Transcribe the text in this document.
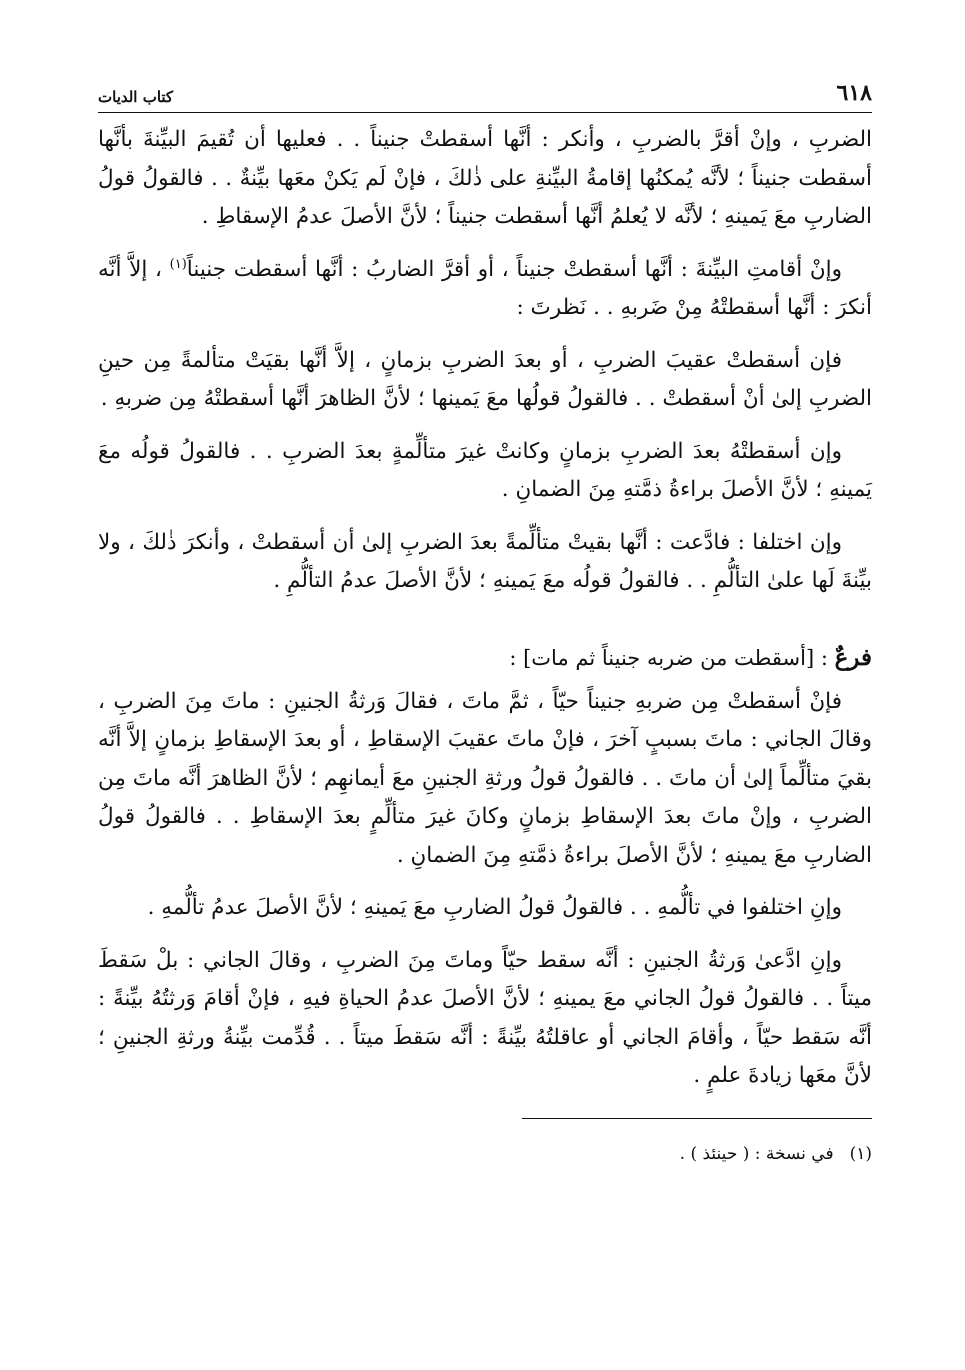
٦١٨
كتاب الديات

الضربِ ، وإنْ أقرَّ بالضربِ ، وأنكر : أنَّها أسقطتْ جنيناً . . فعليها أن تُقيمَ البيِّنةَ بأنَّها أسقطت جنيناً ؛ لأنَّه يُمكنُها إقامةُ البيِّنةِ على ذٰلكَ ، فإنْ لَم يَكنْ معَها بيِّنةٌ . . فالقولُ قولُ الضاربِ معَ يَمينهِ ؛ لأنَّه لا يُعلمُ أنَّها أسقطت جنيناً ؛ لأنَّ الأصلَ عدمُ الإسقاطِ .

وإنْ أقامتِ البيِّنةَ : أنَّها أسقطتْ جنيناً ، أو أقرَّ الضاربُ : أنَّها أسقطت جنيناً$^{(١)}$ ، إلاَّ أنَّه أنكرَ : أنَّها أسقطتْهُ مِنْ ضَربهِ . . نَظرتَ :

فإن أسقطتْ عقيبَ الضربِ ، أو بعدَ الضربِ بزمانٍ ، إلاَّ أنَّها بقيَتْ متألمةً مِن حينِ الضربِ إلىٰ أنْ أسقطتْ . . فالقولُ قولُها معَ يَمينها ؛ لأنَّ الظاهرَ أنَّها أسقطتْهُ مِن ضربهِ .

وإن أسقطتْهُ بعدَ الضربِ بزمانٍ وكانتْ غيرَ متألِّمةٍ بعدَ الضربِ . . فالقولُ قولُه معَ يَمينهِ ؛ لأنَّ الأصلَ براءةُ ذمَّتهِ مِنَ الضمانِ .

وإن اختلفا : فادَّعت : أنَّها بقيتْ متألِّمةً بعدَ الضربِ إلىٰ أن أسقطتْ ، وأنكرَ ذٰلكَ ، ولا بيِّنةَ لَها علىٰ التألُّمِ . . فالقولُ قولُه معَ يَمينهِ ؛ لأنَّ الأصلَ عدمُ التألُّمِ .

فرعٌ : [أسقطت من ضربه جنيناً ثم مات] :

فإنْ أسقطتْ مِن ضربهِ جنيناً حيّاً ، ثمَّ ماتَ ، فقالَ وَرثةُ الجنينِ : ماتَ مِنَ الضربِ ، وقالَ الجاني : ماتَ بسببٍ آخرَ ، فإنْ ماتَ عقيبَ الإسقاطِ ، أو بعدَ الإسقاطِ بزمانٍ إلاَّ أنَّه بقيَ متألِّماً إلىٰ أن ماتَ . . فالقولُ قولُ ورثةِ الجنينِ معَ أيمانهِم ؛ لأنَّ الظاهرَ أنَّه ماتَ مِن الضربِ ، وإنْ ماتَ بعدَ الإسقاطِ بزمانٍ وكانَ غيرَ متألِّمٍ بعدَ الإسقاطِ . . فالقولُ قولُ الضاربِ معَ يمينهِ ؛ لأنَّ الأصلَ براءةُ ذمَّتهِ مِنَ الضمانِ .

وإنِ اختلفوا في تألُّمهِ . . فالقولُ قولُ الضاربِ معَ يَمينهِ ؛ لأنَّ الأصلَ عدمُ تألُّمهِ .

وإنِ ادَّعىٰ وَرثةُ الجنينِ : أنَّه سقط حيّاً وماتَ مِنَ الضربِ ، وقالَ الجاني : بلْ سَقطَ ميتاً . . فالقولُ قولُ الجاني معَ يمينهِ ؛ لأنَّ الأصلَ عدمُ الحياةِ فيهِ ، فإنْ أقامَ وَرثتُهُ بيِّنةً : أنَّه سَقط حيّاً ، وأقامَ الجاني أو عاقلتُهُ بيِّنةً : أنَّه سَقطَ ميتاً . . قُدِّمت بيِّنةُ ورثةِ الجنينِ ؛ لأنَّ معَها زيادةَ علمٍ .

(١)
في نسخة : ( حينئذ ) .
